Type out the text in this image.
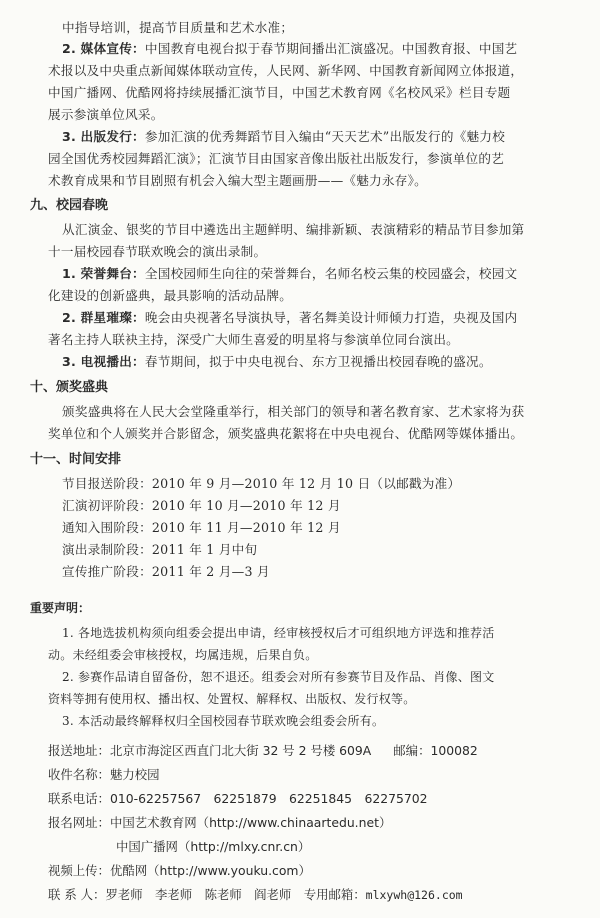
中指导培训，提高节目质量和艺术水准；
2. 媒体宣传：中国教育电视台拟于春节期间播出汇演盛况。中国教育报、中国艺
术报以及中央重点新闻媒体联动宣传，人民网、新华网、中国教育新闻网立体报道，
中国广播网、优酷网将持续展播汇演节目，中国艺术教育网《名校风采》栏目专题
展示参演单位风采。
3. 出版发行：参加汇演的优秀舞蹈节目入编由“天天艺术”出版发行的《魅力校
园全国优秀校园舞蹈汇演》；汇演节目由国家音像出版社出版发行，参演单位的艺
术教育成果和节目剧照有机会入编大型主题画册——《魅力永存》。
九、校园春晚
从汇演金、银奖的节目中遴选出主题鲜明、编排新颖、表演精彩的精品节目参加第
十一届校园春节联欢晚会的演出录制。
1. 荣誉舞台：全国校园师生向往的荣誉舞台，名师名校云集的校园盛会，校园文
化建设的创新盛典，最具影响的活动品牌。
2. 群星璀璨：晚会由央视著名导演执导，著名舞美设计师倾力打造，央视及国内
著名主持人联袂主持，深受广大师生喜爱的明星将与参演单位同台演出。
3. 电视播出：春节期间，拟于中央电视台、东方卫视播出校园春晚的盛况。
十、颁奖盛典
颁奖盛典将在人民大会堂隆重举行，相关部门的领导和著名教育家、艺术家将为获
奖单位和个人颁奖并合影留念，颁奖盛典花絮将在中央电视台、优酷网等媒体播出。
十一、时间安排
节目报送阶段：2010 年 9 月—2010 年 12 月 10 日（以邮戳为准）
汇演初评阶段：2010 年 10 月—2010 年 12 月
通知入围阶段：2010 年 11 月—2010 年 12 月
演出录制阶段：2011 年 1 月中旬
宣传推广阶段：2011 年 2 月—3 月
重要声明：
1. 各地选拔机构须向组委会提出申请，经审核授权后才可组织地方评选和推荐活
动。未经组委会审核授权，均属违规，后果自负。
2. 参赛作品请自留备份，恕不退还。组委会对所有参赛节目及作品、肖像、图文
资料等拥有使用权、播出权、处置权、解释权、出版权、发行权等。
3. 本活动最终解释权归全国校园春节联欢晚会组委会所有。
报送地址：北京市海淀区西直门北大街 32 号 2 号楼 609A 邮编：100082
收件名称：魅力校园
联系电话：010-62257567　62251879　62251845　62275702
报名网址：中国艺术教育网（http://www.chinaartedu.net）
中国广播网（http://mlxy.cnr.cn）
视频上传：优酷网（http://www.youku.com）
联 系 人：罗老师　李老师　陈老师　阎老师　专用邮箱：mlxywh@126.com
